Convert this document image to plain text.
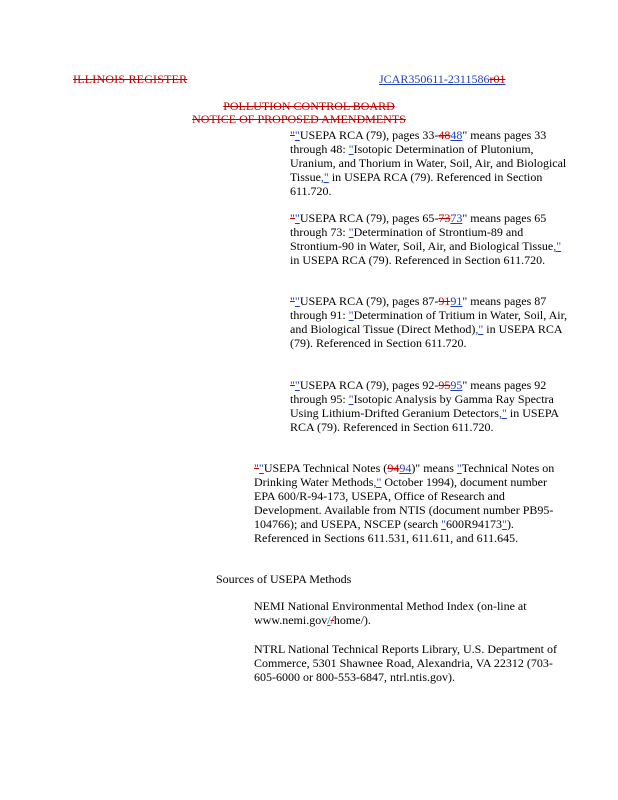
ILLINOIS REGISTER	JCAR350611-2311586r01
POLLUTION CONTROL BOARD
NOTICE OF PROPOSED AMENDMENTS

""USEPA RCA (79), pages 33-4848" means pages 33 through 48: "Isotopic Determination of Plutonium, Uranium, and Thorium in Water, Soil, Air, and Biological Tissue," in USEPA RCA (79). Referenced in Section 611.720.

""USEPA RCA (79), pages 65-7373" means pages 65 through 73: "Determination of Strontium-89 and Strontium-90 in Water, Soil, Air, and Biological Tissue," in USEPA RCA (79). Referenced in Section 611.720.

""USEPA RCA (79), pages 87-9191" means pages 87 through 91: "Determination of Tritium in Water, Soil, Air, and Biological Tissue (Direct Method)," in USEPA RCA (79). Referenced in Section 611.720.

""USEPA RCA (79), pages 92-9595" means pages 92 through 95: "Isotopic Analysis by Gamma Ray Spectra Using Lithium-Drifted Geranium Detectors," in USEPA RCA (79). Referenced in Section 611.720.

""USEPA Technical Notes (9494)" means "Technical Notes on Drinking Water Methods," October 1994), document number EPA 600/R-94-173, USEPA, Office of Research and Development. Available from NTIS (document number PB95-104766); and USEPA, NSCEP (search "600R94173"). Referenced in Sections 611.531, 611.611, and 611.645.

Sources of USEPA Methods

NEMI National Environmental Method Index (on-line at www.nemi.gov//home/).

NTRL National Technical Reports Library, U.S. Department of Commerce, 5301 Shawnee Road, Alexandria, VA 22312 (703-605-6000 or 800-553-6847, ntrl.ntis.gov).
